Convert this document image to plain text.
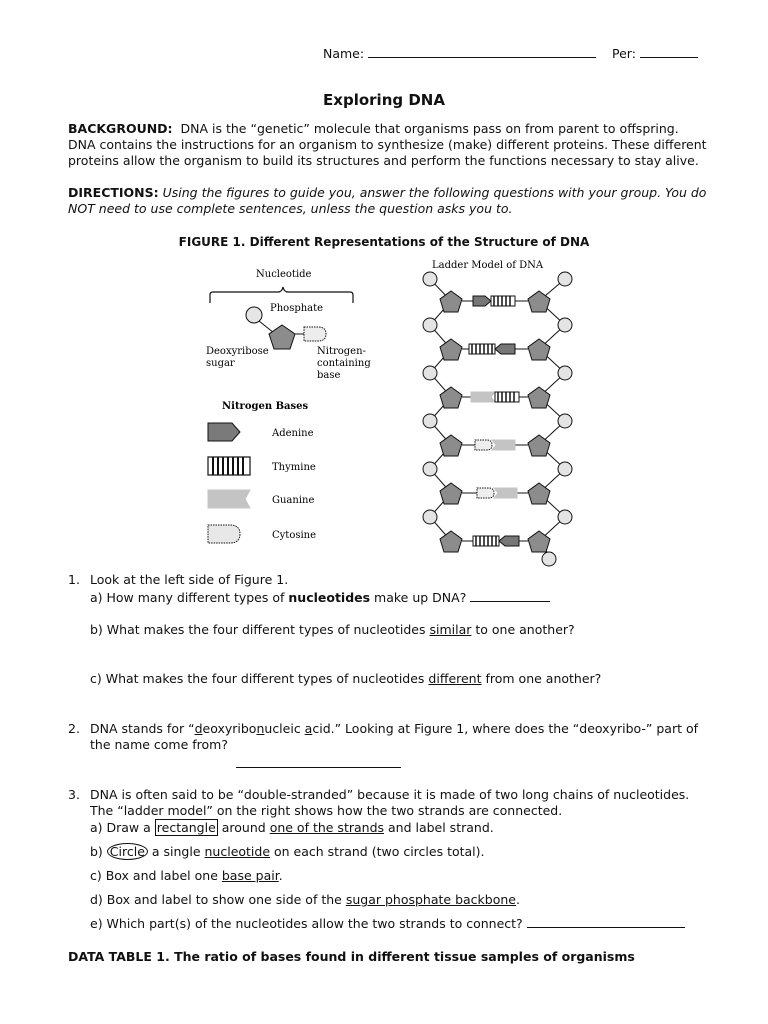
Name:	Per:
Exploring DNA
BACKGROUND: DNA is the “genetic” molecule that organisms pass on from parent to offspring. DNA contains the instructions for an organism to synthesize (make) different proteins. These different proteins allow the organism to build its structures and perform the functions necessary to stay alive.
DIRECTIONS: Using the figures to guide you, answer the following questions with your group. You do NOT need to use complete sentences, unless the question asks you to.
FIGURE 1. Different Representations of the Structure of DNA
Nucleotide
Phosphate
Deoxyribose
sugar
Nitrogen-
containing
base
Nitrogen Bases
Adenine
Thymine
Guanine
Cytosine
Ladder Model of DNA
1. Look at the left side of Figure 1.
a) How many different types of nucleotides make up DNA?
b) What makes the four different types of nucleotides similar to one another?
c) What makes the four different types of nucleotides different from one another?
2. DNA stands for “deoxyribonucleic acid.” Looking at Figure 1, where does the “deoxyribo-” part of
the name come from?
3. DNA is often said to be “double-stranded” because it is made of two long chains of nucleotides.
The “ladder model” on the right shows how the two strands are connected.
a) Draw a rectangle around one of the strands and label strand.
b) Circle a single nucleotide on each strand (two circles total).
c) Box and label one base pair.
d) Box and label to show one side of the sugar phosphate backbone.
e) Which part(s) of the nucleotides allow the two strands to connect?
DATA TABLE 1. The ratio of bases found in different tissue samples of organisms
